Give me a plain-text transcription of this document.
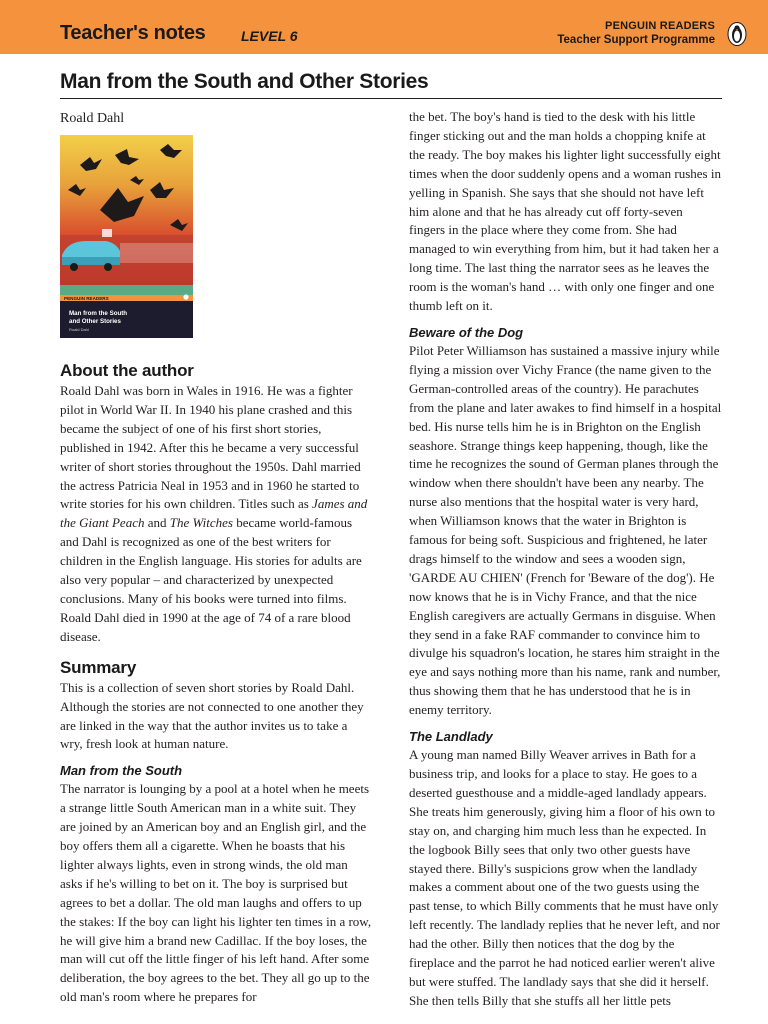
Teacher's notes	LEVEL 6
PENGUIN READERS
Teacher Support Programme
Man from the South and Other Stories
Roald Dahl
PENGUIN READERS
Man from the South
and Other Stories
Roald Dahl
About the author

Roald Dahl was born in Wales in 1916. He was a fighter pilot in World War II. In 1940 his plane crashed and this became the subject of one of his first short stories, published in 1942. After this he became a very successful writer of short stories throughout the 1950s. Dahl married the actress Patricia Neal in 1953 and in 1960 he started to write stories for his own children. Titles such as James and the Giant Peach and The Witches became world-famous and Dahl is recognized as one of the best writers for children in the English language. His stories for adults are also very popular – and characterized by unexpected conclusions. Many of his books were turned into films. Roald Dahl died in 1990 at the age of 74 of a rare blood disease.

Summary

This is a collection of seven short stories by Roald Dahl. Although the stories are not connected to one another they are linked in the way that the author invites us to take a wry, fresh look at human nature.

Man from the South

The narrator is lounging by a pool at a hotel when he meets a strange little South American man in a white suit. They are joined by an American boy and an English girl, and the boy offers them all a cigarette. When he boasts that his lighter always lights, even in strong winds, the old man asks if he's willing to bet on it. The boy is surprised but agrees to bet a dollar. The old man laughs and offers to up the stakes: If the boy can light his lighter ten times in a row, he will give him a brand new Cadillac. If the boy loses, the man will cut off the little finger of his left hand. After some deliberation, the boy agrees to the bet. They all go up to the old man's room where he prepares for

the bet. The boy's hand is tied to the desk with his little finger sticking out and the man holds a chopping knife at the ready. The boy makes his lighter light successfully eight times when the door suddenly opens and a woman rushes in yelling in Spanish. She says that she should not have left him alone and that he has already cut off forty-seven fingers in the place where they come from. She had managed to win everything from him, but it had taken her a long time. The last thing the narrator sees as he leaves the room is the woman's hand … with only one finger and one thumb left on it.

Beware of the Dog

Pilot Peter Williamson has sustained a massive injury while flying a mission over Vichy France (the name given to the German-controlled areas of the country). He parachutes from the plane and later awakes to find himself in a hospital bed. His nurse tells him he is in Brighton on the English seashore. Strange things keep happening, though, like the time he recognizes the sound of German planes through the window when there shouldn't have been any nearby. The nurse also mentions that the hospital water is very hard, when Williamson knows that the water in Brighton is famous for being soft. Suspicious and frightened, he later drags himself to the window and sees a wooden sign, 'GARDE AU CHIEN' (French for 'Beware of the dog'). He now knows that he is in Vichy France, and that the nice English caregivers are actually Germans in disguise. When they send in a fake RAF commander to convince him to divulge his squadron's location, he stares him straight in the eye and says nothing more than his name, rank and number, thus showing them that he has understood that he is in enemy territory.

The Landlady

A young man named Billy Weaver arrives in Bath for a business trip, and looks for a place to stay. He goes to a deserted guesthouse and a middle-aged landlady appears. She treats him generously, giving him a floor of his own to stay on, and charging him much less than he expected. In the logbook Billy sees that only two other guests have stayed there. Billy's suspicions grow when the landlady makes a comment about one of the two guests using the past tense, to which Billy comments that he must have only left recently. The landlady replies that he never left, and nor had the other. Billy then notices that the dog by the fireplace and the parrot he had noticed earlier weren't alive but were stuffed. The landlady says that she did it herself. She then tells Billy that she stuffs all her little pets
